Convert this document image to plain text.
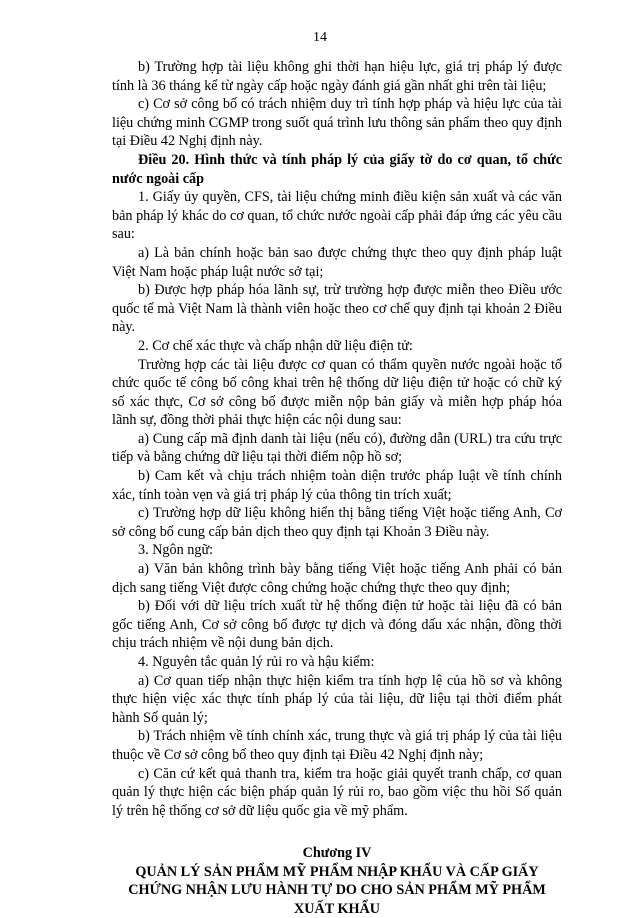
14

b) Trường hợp tài liệu không ghi thời hạn hiệu lực, giá trị pháp lý được tính là 36 tháng kể từ ngày cấp hoặc ngày đánh giá gần nhất ghi trên tài liệu;

c) Cơ sở công bố có trách nhiệm duy trì tính hợp pháp và hiệu lực của tài liệu chứng minh CGMP trong suốt quá trình lưu thông sản phẩm theo quy định tại Điều 42 Nghị định này.

Điều 20. Hình thức và tính pháp lý của giấy tờ do cơ quan, tổ chức nước ngoài cấp

1. Giấy ủy quyền, CFS, tài liệu chứng minh điều kiện sản xuất và các văn bản pháp lý khác do cơ quan, tổ chức nước ngoài cấp phải đáp ứng các yêu cầu sau:

a) Là bản chính hoặc bản sao được chứng thực theo quy định pháp luật Việt Nam hoặc pháp luật nước sở tại;

b) Được hợp pháp hóa lãnh sự, trừ trường hợp được miễn theo Điều ước quốc tế mà Việt Nam là thành viên hoặc theo cơ chế quy định tại khoản 2 Điều này.

2. Cơ chế xác thực và chấp nhận dữ liệu điện tử:

Trường hợp các tài liệu được cơ quan có thẩm quyền nước ngoài hoặc tổ chức quốc tế công bố công khai trên hệ thống dữ liệu điện tử hoặc có chữ ký số xác thực, Cơ sở công bố được miễn nộp bản giấy và miễn hợp pháp hóa lãnh sự, đồng thời phải thực hiện các nội dung sau:

a) Cung cấp mã định danh tài liệu (nếu có), đường dẫn (URL) tra cứu trực tiếp và bằng chứng dữ liệu tại thời điểm nộp hồ sơ;

b) Cam kết và chịu trách nhiệm toàn diện trước pháp luật về tính chính xác, tính toàn vẹn và giá trị pháp lý của thông tin trích xuất;

c) Trường hợp dữ liệu không hiển thị bằng tiếng Việt hoặc tiếng Anh, Cơ sở công bố cung cấp bản dịch theo quy định tại Khoản 3 Điều này.

3. Ngôn ngữ:

a) Văn bản không trình bày bằng tiếng Việt hoặc tiếng Anh phải có bản dịch sang tiếng Việt được công chứng hoặc chứng thực theo quy định;

b) Đối với dữ liệu trích xuất từ hệ thống điện tử hoặc tài liệu đã có bản gốc tiếng Anh, Cơ sở công bố được tự dịch và đóng dấu xác nhận, đồng thời chịu trách nhiệm về nội dung bản dịch.

4. Nguyên tắc quản lý rủi ro và hậu kiểm:

a) Cơ quan tiếp nhận thực hiện kiểm tra tính hợp lệ của hồ sơ và không thực hiện việc xác thực tính pháp lý của tài liệu, dữ liệu tại thời điểm phát hành Số quản lý;

b) Trách nhiệm về tính chính xác, trung thực và giá trị pháp lý của tài liệu thuộc về Cơ sở công bố theo quy định tại Điều 42 Nghị định này;

c) Căn cứ kết quả thanh tra, kiểm tra hoặc giải quyết tranh chấp, cơ quan quản lý thực hiện các biện pháp quản lý rủi ro, bao gồm việc thu hồi Số quản lý trên hệ thống cơ sở dữ liệu quốc gia về mỹ phẩm.

Chương IV
QUẢN LÝ SẢN PHẨM MỸ PHẨM NHẬP KHẨU VÀ CẤP GIẤY
CHỨNG NHẬN LƯU HÀNH TỰ DO CHO SẢN PHẨM MỸ PHẨM
XUẤT KHẨU
